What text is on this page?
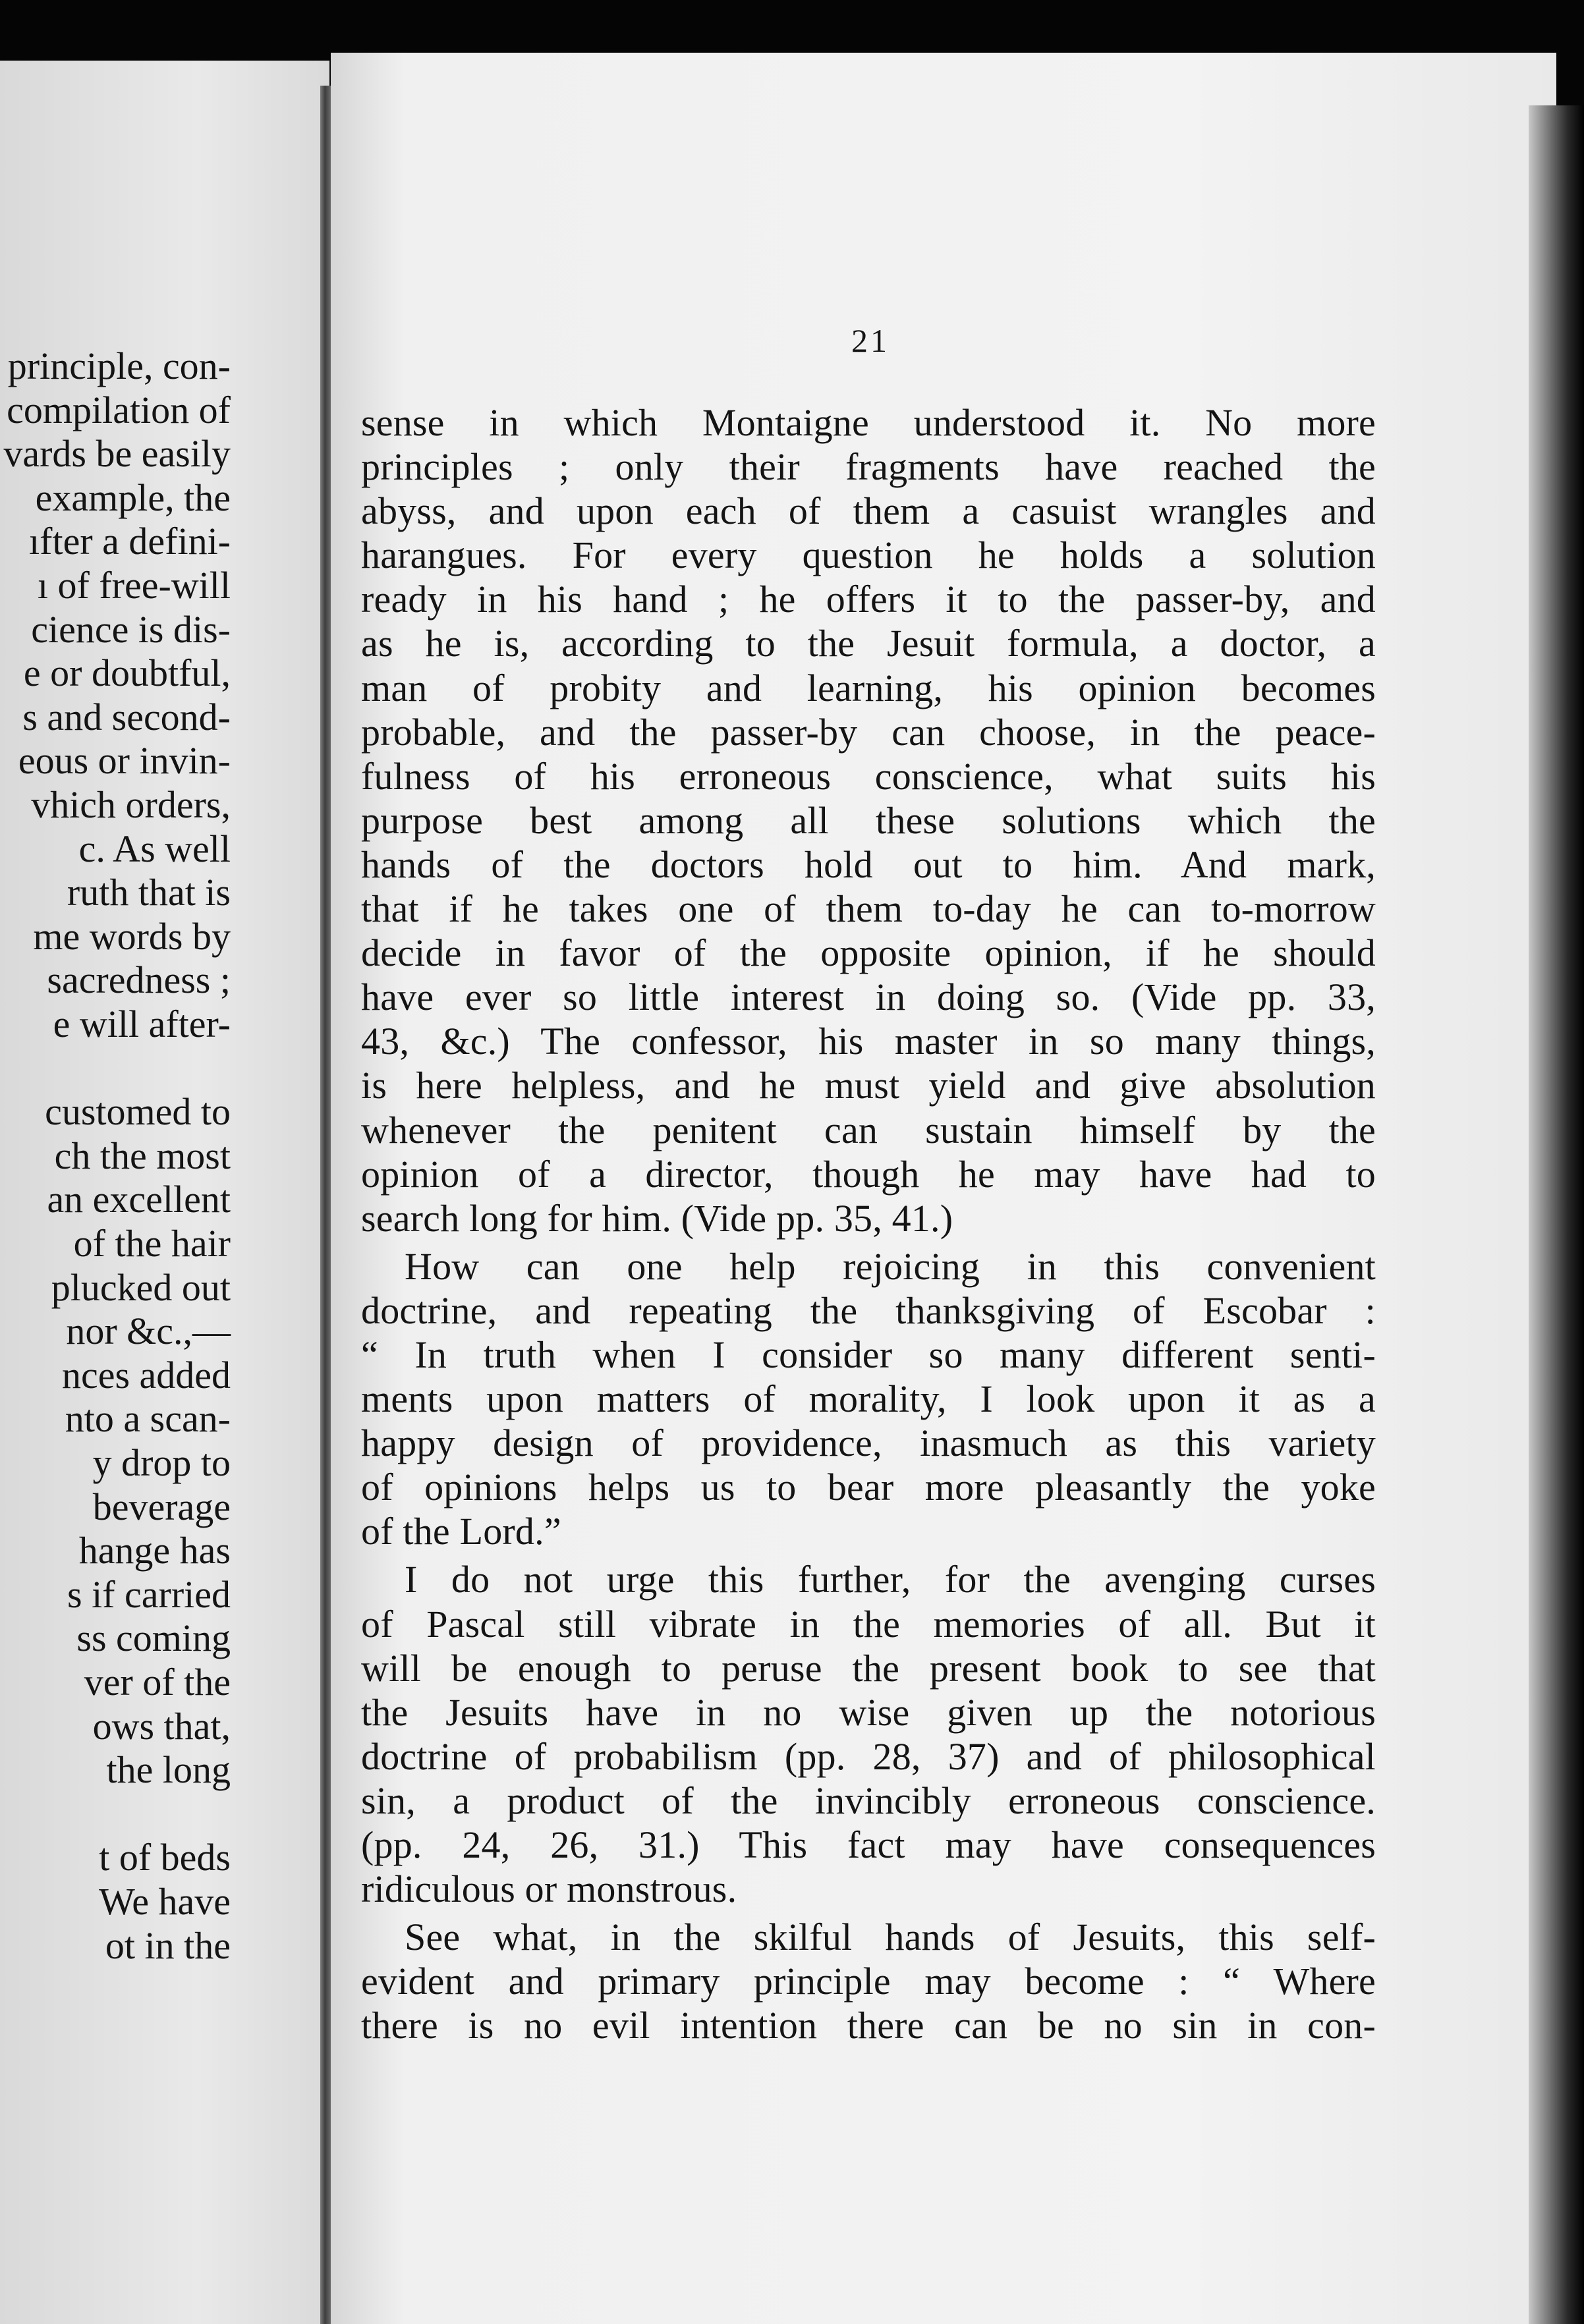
principle, con-
compilation of
vards be easily
example, the
ıfter a defini-
ı of free-will
cience is dis-
e or doubtful,
s and second-
eous or invin-
vhich orders,
c. As well
ruth that is
me words by
sacredness ;
e will after-
customed to
ch the most
an excellent
of the hair
plucked out
nor &c.,—
nces added
nto a scan-
y drop to
beverage
hange has
s if carried
ss coming
ver of the
ows that,
the long
t of beds
We have
ot in the
21
sense in which Montaigne understood it. No more
principles ; only their fragments have reached the
abyss, and upon each of them a casuist wrangles and
harangues. For every question he holds a solution
ready in his hand ; he offers it to the passer-by, and
as he is, according to the Jesuit formula, a doctor, a
man of probity and learning, his opinion becomes
probable, and the passer-by can choose, in the peace-
fulness of his erroneous conscience, what suits his
purpose best among all these solutions which the
hands of the doctors hold out to him. And mark,
that if he takes one of them to-day he can to-morrow
decide in favor of the opposite opinion, if he should
have ever so little interest in doing so. (Vide pp. 33,
43, &c.) The confessor, his master in so many things,
is here helpless, and he must yield and give absolution
whenever the penitent can sustain himself by the
opinion of a director, though he may have had to
search long for him. (Vide pp. 35, 41.)
How can one help rejoicing in this convenient
doctrine, and repeating the thanksgiving of Escobar :
“ In truth when I consider so many different senti-
ments upon matters of morality, I look upon it as a
happy design of providence, inasmuch as this variety
of opinions helps us to bear more pleasantly the yoke
of the Lord.”
I do not urge this further, for the avenging curses
of Pascal still vibrate in the memories of all. But it
will be enough to peruse the present book to see that
the Jesuits have in no wise given up the notorious
doctrine of probabilism (pp. 28, 37) and of philosophical
sin, a product of the invincibly erroneous conscience.
(pp. 24, 26, 31.) This fact may have consequences
ridiculous or monstrous.
See what, in the skilful hands of Jesuits, this self-
evident and primary principle may become : “ Where
there is no evil intention there can be no sin in con-
